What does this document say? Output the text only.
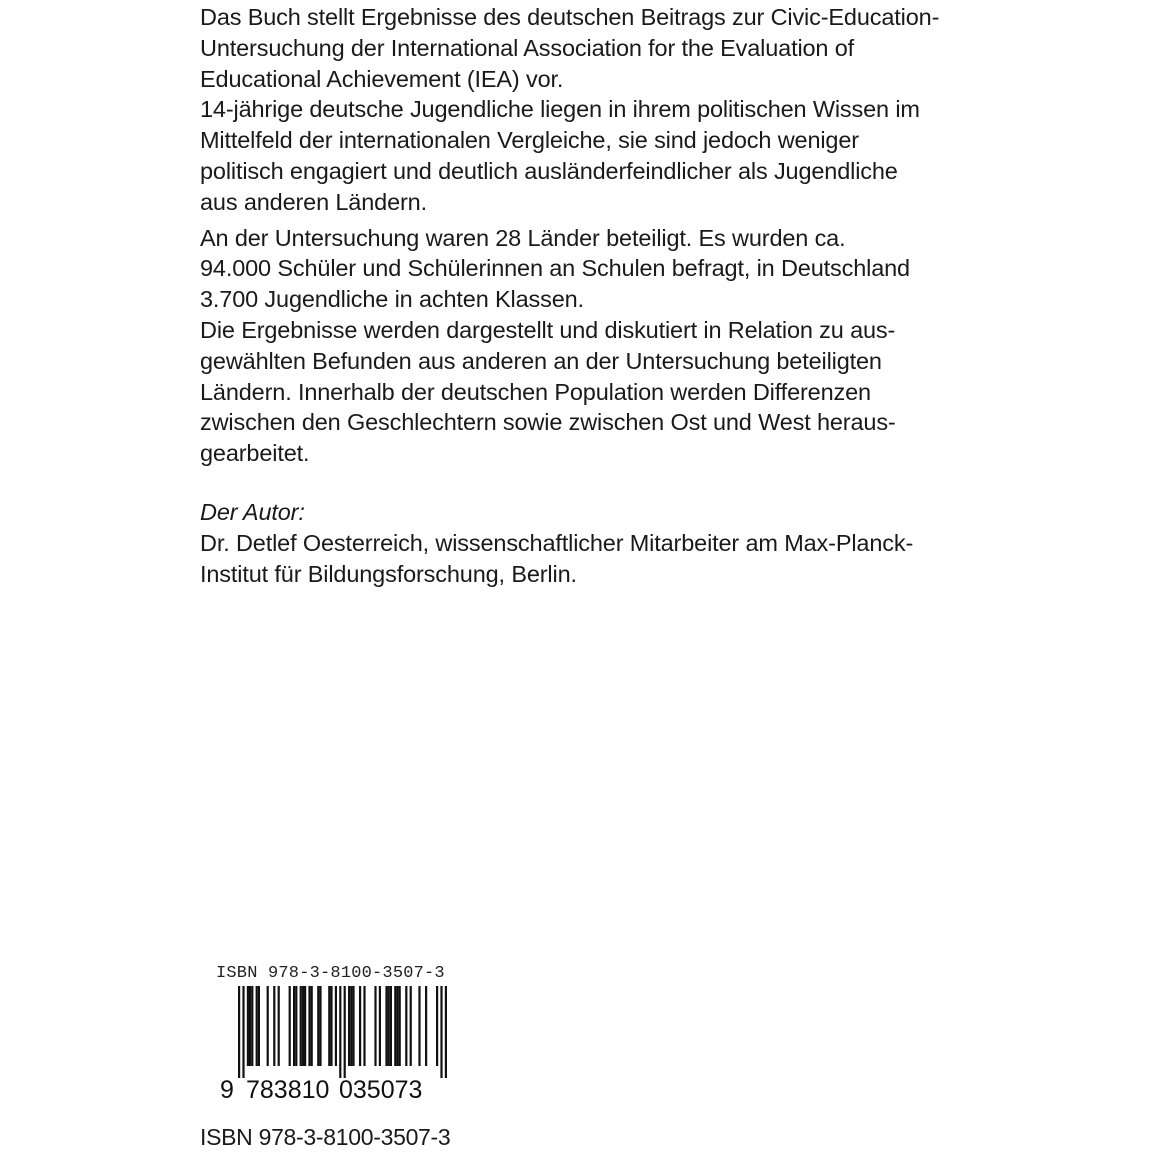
Das Buch stellt Ergebnisse des deutschen Beitrags zur Civic-Education-
Untersuchung der International Association for the Evaluation of
Educational Achievement (IEA) vor.
14-jährige deutsche Jugendliche liegen in ihrem politischen Wissen im
Mittelfeld der internationalen Vergleiche, sie sind jedoch weniger
politisch engagiert und deutlich ausländerfeindlicher als Jugendliche
aus anderen Ländern.
An der Untersuchung waren 28 Länder beteiligt. Es wurden ca.
94.000 Schüler und Schülerinnen an Schulen befragt, in Deutschland
3.700 Jugendliche in achten Klassen.
Die Ergebnisse werden dargestellt und diskutiert in Relation zu aus-
gewählten Befunden aus anderen an der Untersuchung beteiligten
Ländern. Innerhalb der deutschen Population werden Differenzen
zwischen den Geschlechtern sowie zwischen Ost und West heraus-
gearbeitet.
Der Autor:
Dr. Detlef Oesterreich, wissenschaftlicher Mitarbeiter am Max-Planck-
Institut für Bildungsforschung, Berlin.
ISBN 978-3-8100-3507-3
9 783810 035073
ISBN 978-3-8100-3507-3
